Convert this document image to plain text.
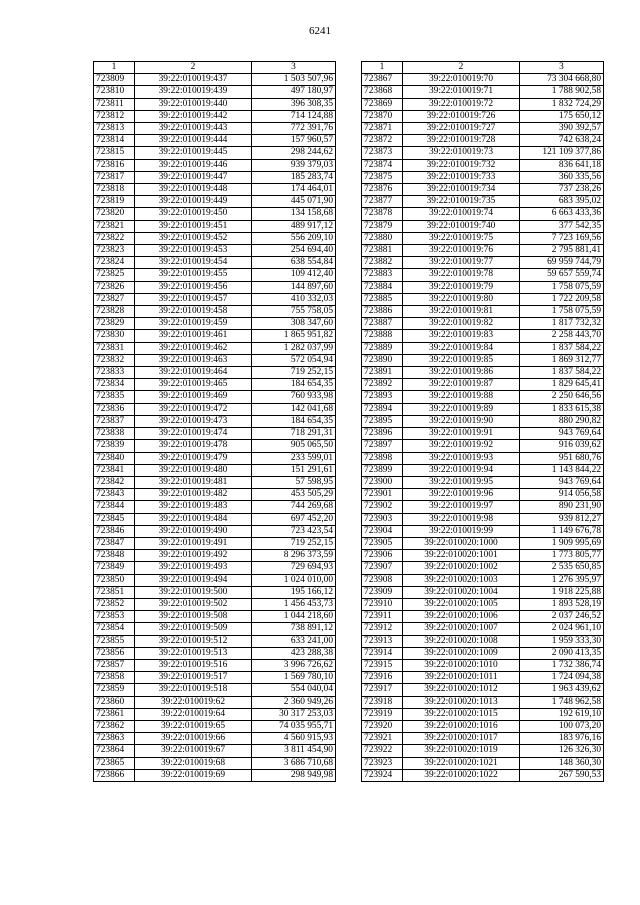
6241
1	2	3
723809	39:22:010019:437	1 503 507,96
723810	39:22:010019:439	497 180,97
723811	39:22:010019:440	396 308,35
723812	39:22:010019:442	714 124,88
723813	39:22:010019:443	772 391,76
723814	39:22:010019:444	157 960,57
723815	39:22:010019:445	298 244,62
723816	39:22:010019:446	939 379,03
723817	39:22:010019:447	185 283,74
723818	39:22:010019:448	174 464,01
723819	39:22:010019:449	445 071,90
723820	39:22:010019:450	134 158,68
723821	39:22:010019:451	489 917,12
723822	39:22:010019:452	556 209,10
723823	39:22:010019:453	254 694,40
723824	39:22:010019:454	638 554,84
723825	39:22:010019:455	109 412,40
723826	39:22:010019:456	144 897,60
723827	39:22:010019:457	410 332,03
723828	39:22:010019:458	755 758,05
723829	39:22:010019:459	308 347,60
723830	39:22:010019:461	1 865 951,82
723831	39:22:010019:462	1 282 037,99
723832	39:22:010019:463	572 054,94
723833	39:22:010019:464	719 252,15
723834	39:22:010019:465	184 654,35
723835	39:22:010019:469	760 933,98
723836	39:22:010019:472	142 041,68
723837	39:22:010019:473	184 654,35
723838	39:22:010019:474	718 291,31
723839	39:22:010019:478	905 065,50
723840	39:22:010019:479	233 599,01
723841	39:22:010019:480	151 291,61
723842	39:22:010019:481	57 598,95
723843	39:22:010019:482	453 505,29
723844	39:22:010019:483	744 269,68
723845	39:22:010019:484	697 452,20
723846	39:22:010019:490	723 423,54
723847	39:22:010019:491	719 252,15
723848	39:22:010019:492	8 296 373,59
723849	39:22:010019:493	729 694,93
723850	39:22:010019:494	1 024 010,00
723851	39:22:010019:500	195 166,12
723852	39:22:010019:502	1 456 453,73
723853	39:22:010019:508	1 044 218,60
723854	39:22:010019:509	738 891,12
723855	39:22:010019:512	633 241,00
723856	39:22:010019:513	423 288,38
723857	39:22:010019:516	3 996 726,62
723858	39:22:010019:517	1 569 780,10
723859	39:22:010019:518	554 040,04
723860	39:22:010019:62	2 360 949,26
723861	39:22:010019:64	30 317 253,03
723862	39:22:010019:65	74 035 955,71
723863	39:22:010019:66	4 560 915,93
723864	39:22:010019:67	3 811 454,90
723865	39:22:010019:68	3 686 710,68
723866	39:22:010019:69	298 949,98
1	2	3
723867	39:22:010019:70	73 304 668,80
723868	39:22:010019:71	1 788 902,58
723869	39:22:010019:72	1 832 724,29
723870	39:22:010019:726	175 650,12
723871	39:22:010019:727	390 392,57
723872	39:22:010019:728	742 638,24
723873	39:22:010019:73	121 109 377,86
723874	39:22:010019:732	836 641,18
723875	39:22:010019:733	360 335,56
723876	39:22:010019:734	737 238,26
723877	39:22:010019:735	683 395,02
723878	39:22:010019:74	6 663 433,36
723879	39:22:010019:740	377 542,35
723880	39:22:010019:75	7 723 169,56
723881	39:22:010019:76	2 795 881,41
723882	39:22:010019:77	69 959 744,79
723883	39:22:010019:78	59 657 559,74
723884	39:22:010019:79	1 758 075,59
723885	39:22:010019:80	1 722 209,58
723886	39:22:010019:81	1 758 075,59
723887	39:22:010019:82	1 817 732,32
723888	39:22:010019:83	2 258 443,70
723889	39:22:010019:84	1 837 584,22
723890	39:22:010019:85	1 869 312,77
723891	39:22:010019:86	1 837 584,22
723892	39:22:010019:87	1 829 645,41
723893	39:22:010019:88	2 250 646,56
723894	39:22:010019:89	1 833 615,38
723895	39:22:010019:90	880 290,82
723896	39:22:010019:91	943 769,64
723897	39:22:010019:92	916 039,62
723898	39:22:010019:93	951 680,76
723899	39:22:010019:94	1 143 844,22
723900	39:22:010019:95	943 769,64
723901	39:22:010019:96	914 056,58
723902	39:22:010019:97	890 231,90
723903	39:22:010019:98	939 812,27
723904	39:22:010019:99	1 149 676,78
723905	39:22:010020:1000	1 909 995,69
723906	39:22:010020:1001	1 773 805,77
723907	39:22:010020:1002	2 535 650,85
723908	39:22:010020:1003	1 276 395,97
723909	39:22:010020:1004	1 918 225,88
723910	39:22:010020:1005	1 893 528,19
723911	39:22:010020:1006	2 037 246,52
723912	39:22:010020:1007	2 024 961,10
723913	39:22:010020:1008	1 959 333,30
723914	39:22:010020:1009	2 090 413,35
723915	39:22:010020:1010	1 732 386,74
723916	39:22:010020:1011	1 724 094,38
723917	39:22:010020:1012	1 963 439,62
723918	39:22:010020:1013	1 748 962,58
723919	39:22:010020:1015	192 619,10
723920	39:22:010020:1016	100 073,20
723921	39:22:010020:1017	183 976,16
723922	39:22:010020:1019	126 326,30
723923	39:22:010020:1021	148 360,30
723924	39:22:010020:1022	267 590,53
